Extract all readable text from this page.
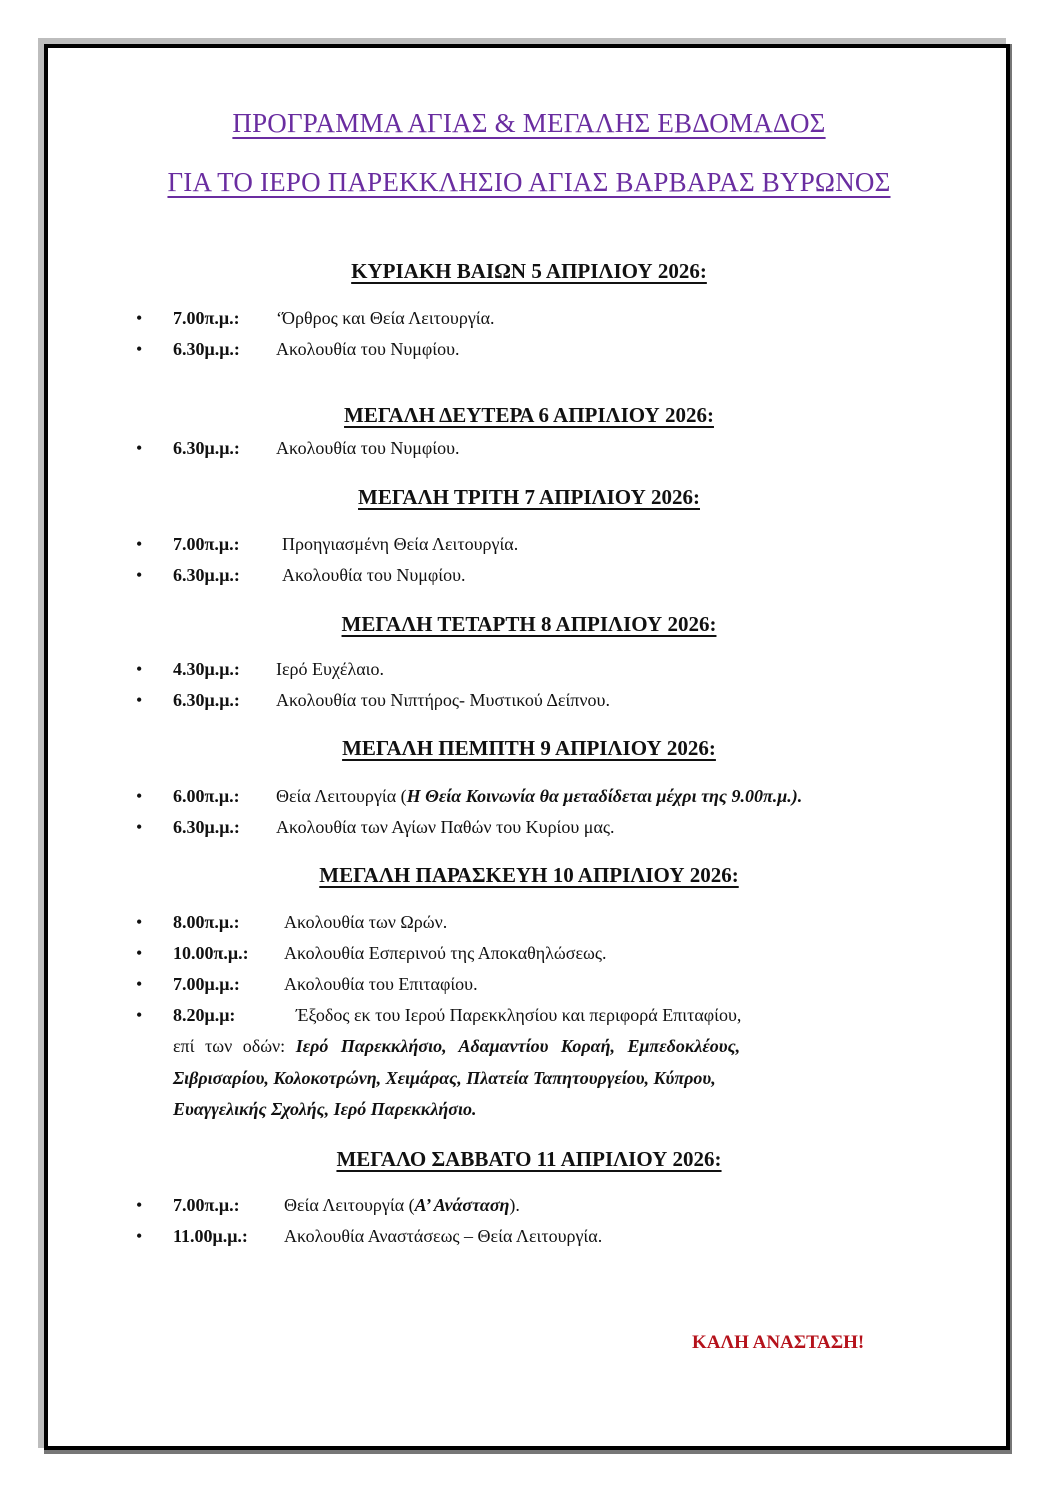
ΠΡΟΓΡΑΜΜΑ ΑΓΙΑΣ & ΜΕΓΑΛΗΣ ΕΒΔΟΜΑΔΟΣ
ΓΙΑ ΤΟ ΙΕΡΟ ΠΑΡΕΚΚΛΗΣΙΟ ΑΓΙΑΣ ΒΑΡΒΑΡΑΣ ΒΥΡΩΝΟΣ
ΚΥΡΙΑΚΗ ΒΑΙΩΝ 5 ΑΠΡΙΛΙΟΥ 2026:
•	7.00π.μ.: ‘Όρθρος και Θεία Λειτουργία.
•	6.30μ.μ.: Ακολουθία του Νυμφίου.
ΜΕΓΑΛΗ ΔΕΥΤΕΡΑ 6 ΑΠΡΙΛΙΟΥ 2026:
•	6.30μ.μ.: Ακολουθία του Νυμφίου.
ΜΕΓΑΛΗ ΤΡΙΤΗ 7 ΑΠΡΙΛΙΟΥ 2026:
•	7.00π.μ.: Προηγιασμένη Θεία Λειτουργία.
•	6.30μ.μ.: Ακολουθία του Νυμφίου.
ΜΕΓΑΛΗ ΤΕΤΑΡΤΗ 8 ΑΠΡΙΛΙΟΥ 2026:
•	4.30μ.μ.: Ιερό Ευχέλαιο.
•	6.30μ.μ.: Ακολουθία του Νιπτήρος- Μυστικού Δείπνου.
ΜΕΓΑΛΗ ΠΕΜΠΤΗ 9 ΑΠΡΙΛΙΟΥ 2026:
•	6.00π.μ.: Θεία Λειτουργία (Η Θεία Κοινωνία θα μεταδίδεται μέχρι της 9.00π.μ.).
•	6.30μ.μ.: Ακολουθία των Αγίων Παθών του Κυρίου μας.
ΜΕΓΑΛΗ ΠΑΡΑΣΚΕΥΗ 10 ΑΠΡΙΛΙΟΥ 2026:
•	8.00π.μ.: Ακολουθία των Ωρών.
•	10.00π.μ.: Ακολουθία Εσπερινού της Αποκαθηλώσεως.
•	7.00μ.μ.: Ακολουθία του Επιταφίου.
•	8.20μ.μ:	Έξοδος εκ του Ιερού Παρεκκλησίου και περιφορά Επιταφίου,
επί των οδών: Ιερό Παρεκκλήσιο, Αδαμαντίου Κοραή, Εμπεδοκλέους,
Σιβρισαρίου, Κολοκοτρώνη, Χειμάρας, Πλατεία Ταπητουργείου, Κύπρου,
Ευαγγελικής Σχολής, Ιερό Παρεκκλήσιο.
ΜΕΓΑΛΟ ΣΑΒΒΑΤΟ 11 ΑΠΡΙΛΙΟΥ 2026:
•	7.00π.μ.: Θεία Λειτουργία (Α’ Ανάσταση).
•	11.00μ.μ.: Ακολουθία Αναστάσεως – Θεία Λειτουργία.
ΚΑΛΗ ΑΝΑΣΤΑΣΗ!
